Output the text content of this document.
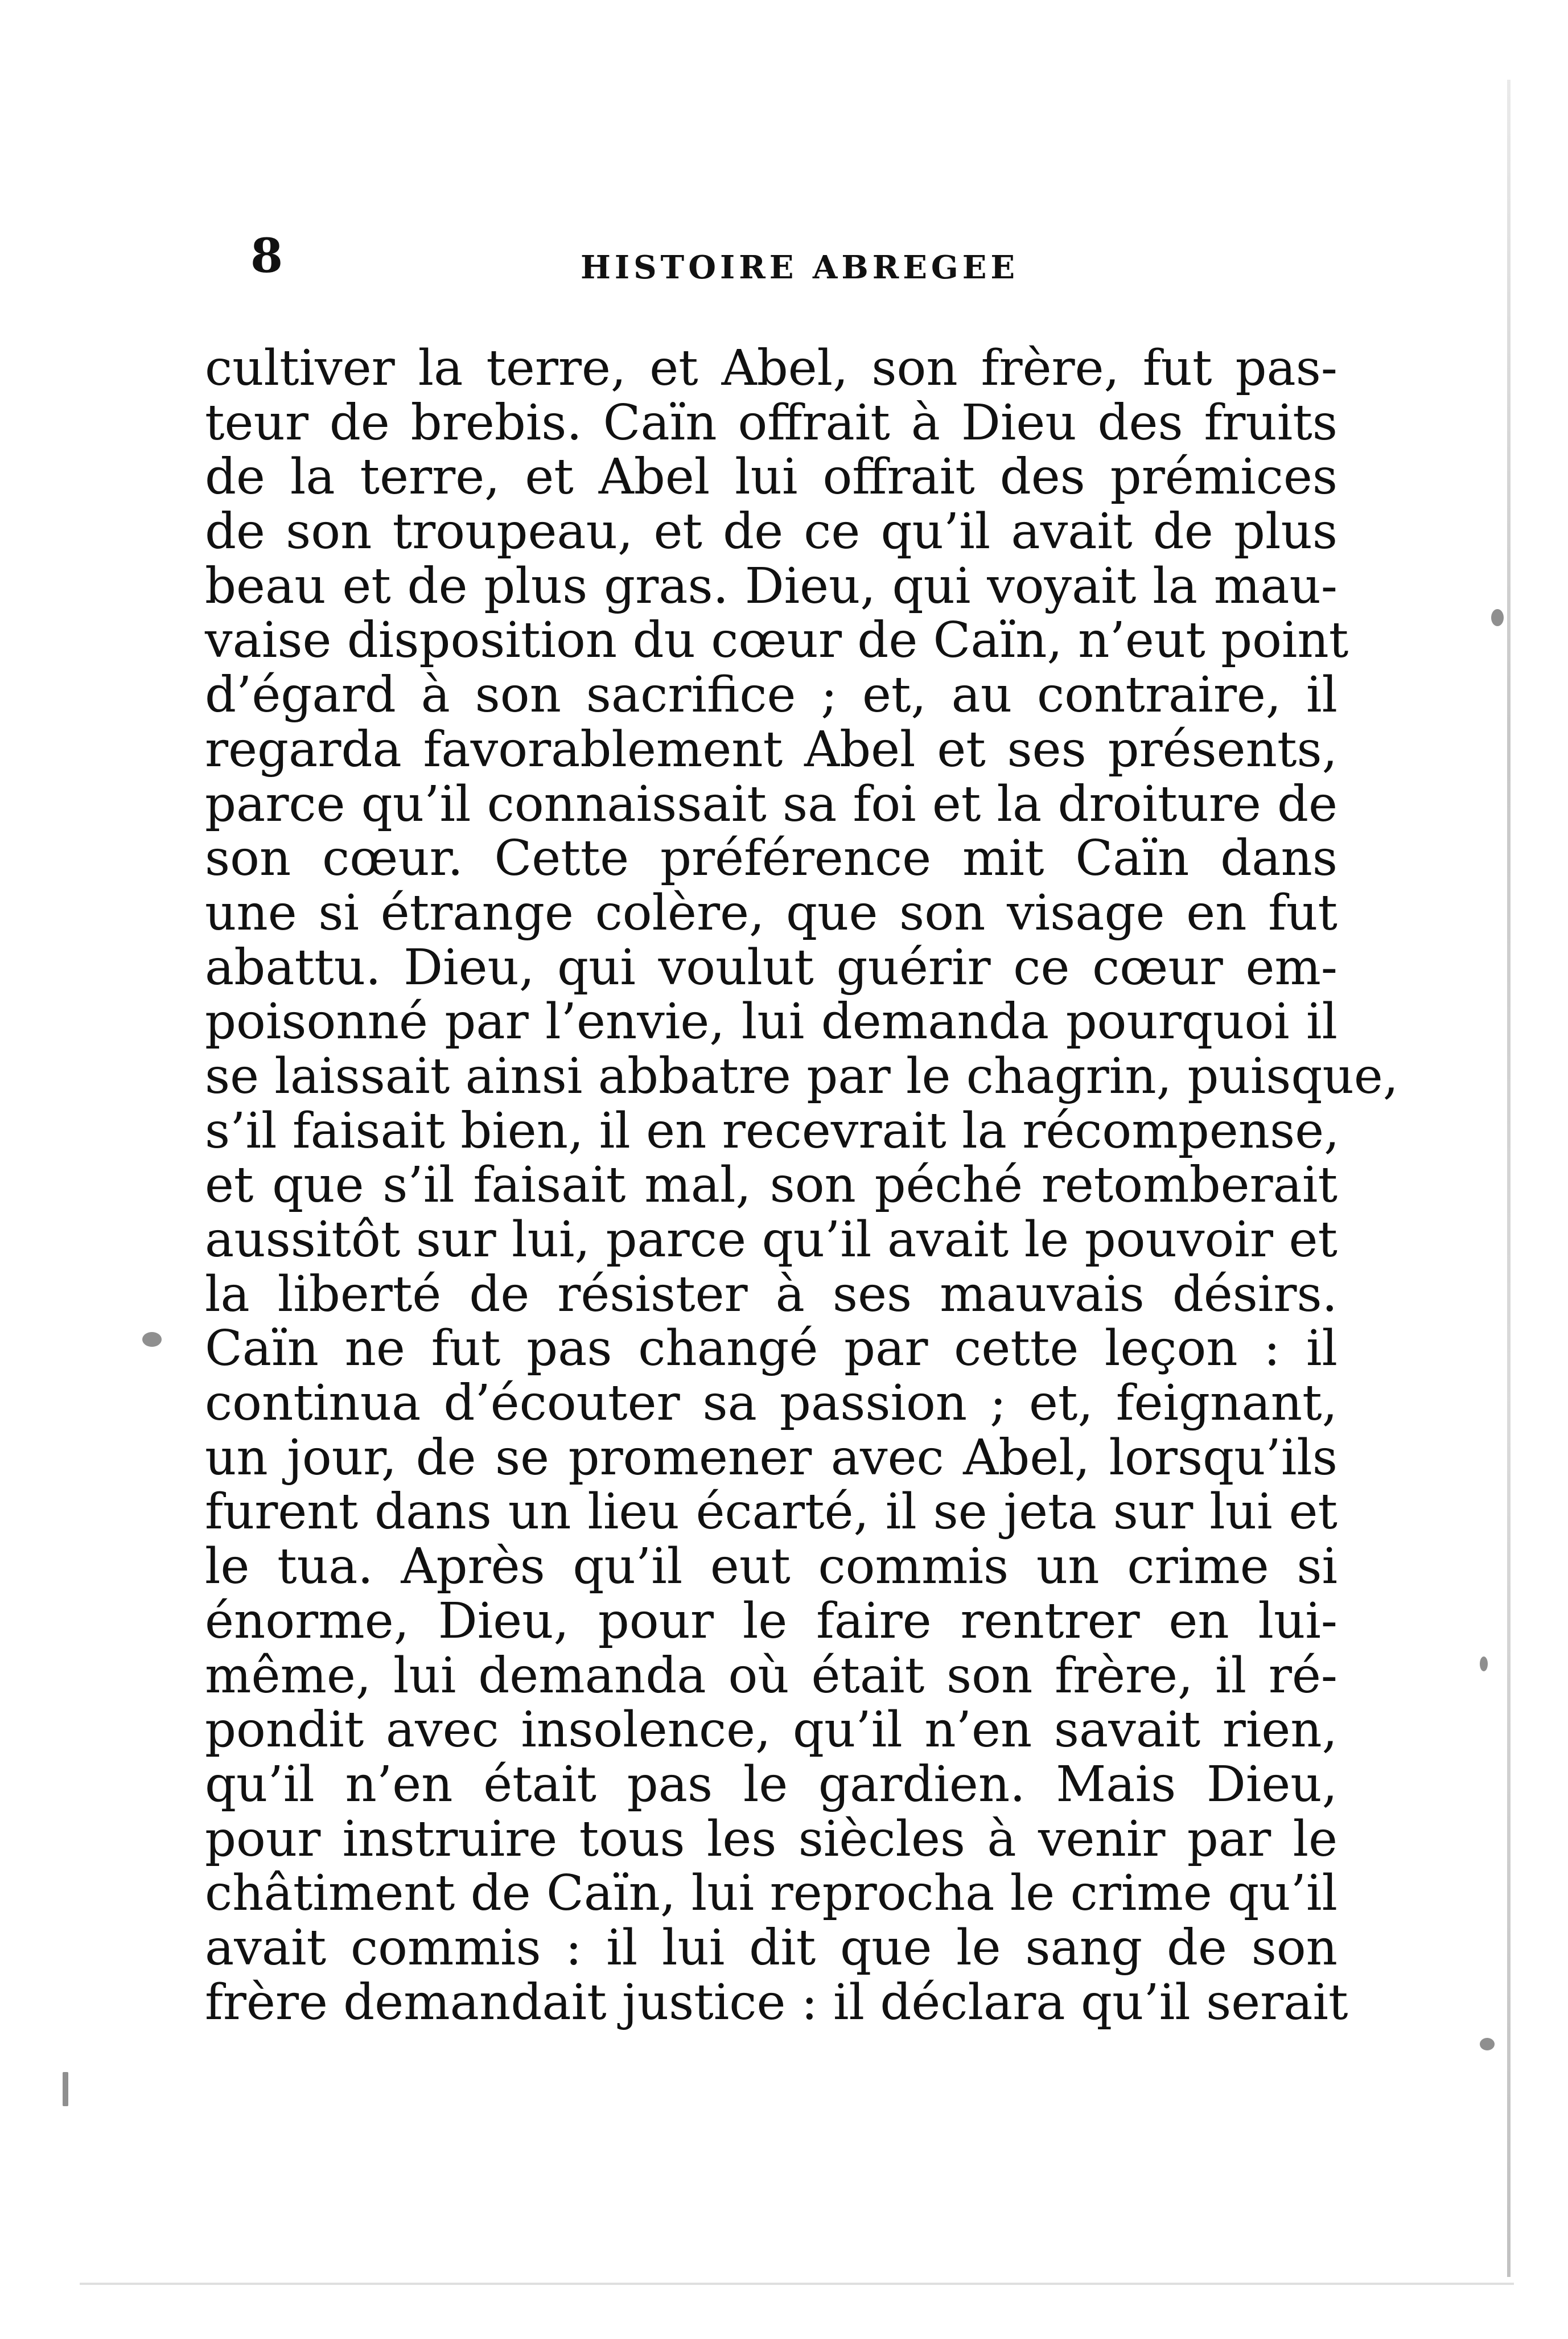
8	HISTOIRE ABREGEE
cultiver la terre, et Abel, son frère, fut pas-
teur de brebis. Caïn offrait à Dieu des fruits
de la terre, et Abel lui offrait des prémices
de son troupeau, et de ce qu’il avait de plus
beau et de plus gras. Dieu, qui voyait la mau-
vaise disposition du cœur de Caïn, n’eut point
d’égard à son sacrifice ; et, au contraire, il
regarda favorablement Abel et ses présents,
parce qu’il connaissait sa foi et la droiture de
son cœur. Cette préférence mit Caïn dans
une si étrange colère, que son visage en fut
abattu. Dieu, qui voulut guérir ce cœur em-
poisonné par l’envie, lui demanda pourquoi il
se laissait ainsi abbatre par le chagrin, puisque,
s’il faisait bien, il en recevrait la récompense,
et que s’il faisait mal, son péché retomberait
aussitôt sur lui, parce qu’il avait le pouvoir et
la liberté de résister à ses mauvais désirs.
Caïn ne fut pas changé par cette leçon : il
continua d’écouter sa passion ; et, feignant,
un jour, de se promener avec Abel, lorsqu’ils
furent dans un lieu écarté, il se jeta sur lui et
le tua. Après qu’il eut commis un crime si
énorme, Dieu, pour le faire rentrer en lui-
même, lui demanda où était son frère, il ré-
pondit avec insolence, qu’il n’en savait rien,
qu’il n’en était pas le gardien. Mais Dieu,
pour instruire tous les siècles à venir par le
châtiment de Caïn, lui reprocha le crime qu’il
avait commis : il lui dit que le sang de son
frère demandait justice : il déclara qu’il serait
